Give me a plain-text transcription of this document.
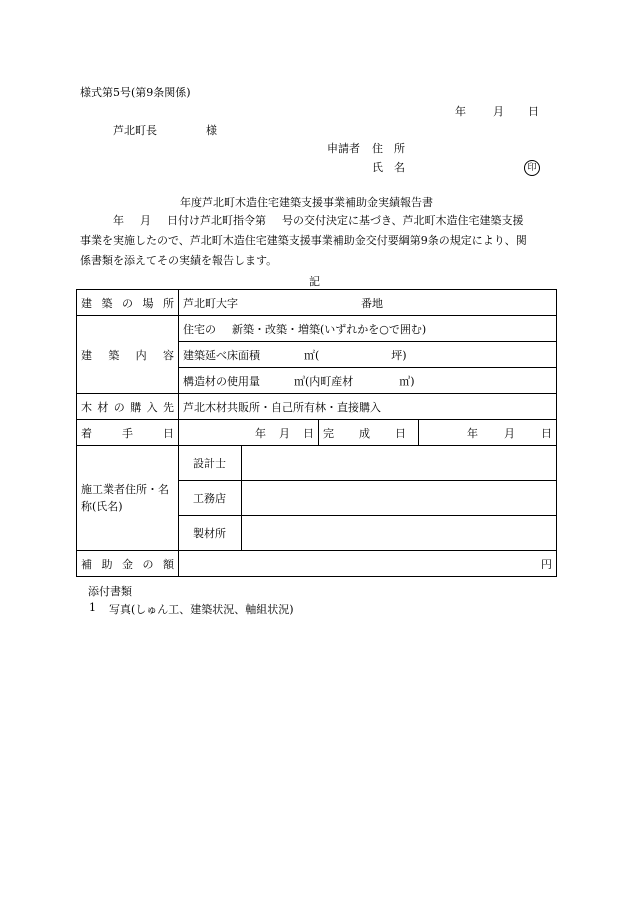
様式第5号(第9条関係)
年 月 日
芦北町長	様
申請者 住　所
氏　名	印
年度芦北町木造住宅建築支援事業補助金実績報告書

年 月 日付け芦北町指令第 号の交付決定に基づき、芦北町木造住宅建築支援

事業を実施したので、芦北町木造住宅建築支援事業補助金交付要綱第9条の規定により、関

係書類を添えてその実績を報告します。

記
建築の場所	芦北町大字 番地			
建築内容	住宅の 新築・改築・増築(いずれかを○で囲む)			
	建築延べ床面積 ㎡( 坪)			
	構造材の使用量 ㎥(内町産材 ㎥)			
木材の購入先	芦北木材共販所・自己所有林・直接購入			
着手日	年 月 日		完成日	年 月 日

施工業者住所・名称(氏名)	設計士			
	工務店			
	製材所			
補助金の額	円			
添付書類
1 写真(しゅん工、建築状況、軸組状況)
